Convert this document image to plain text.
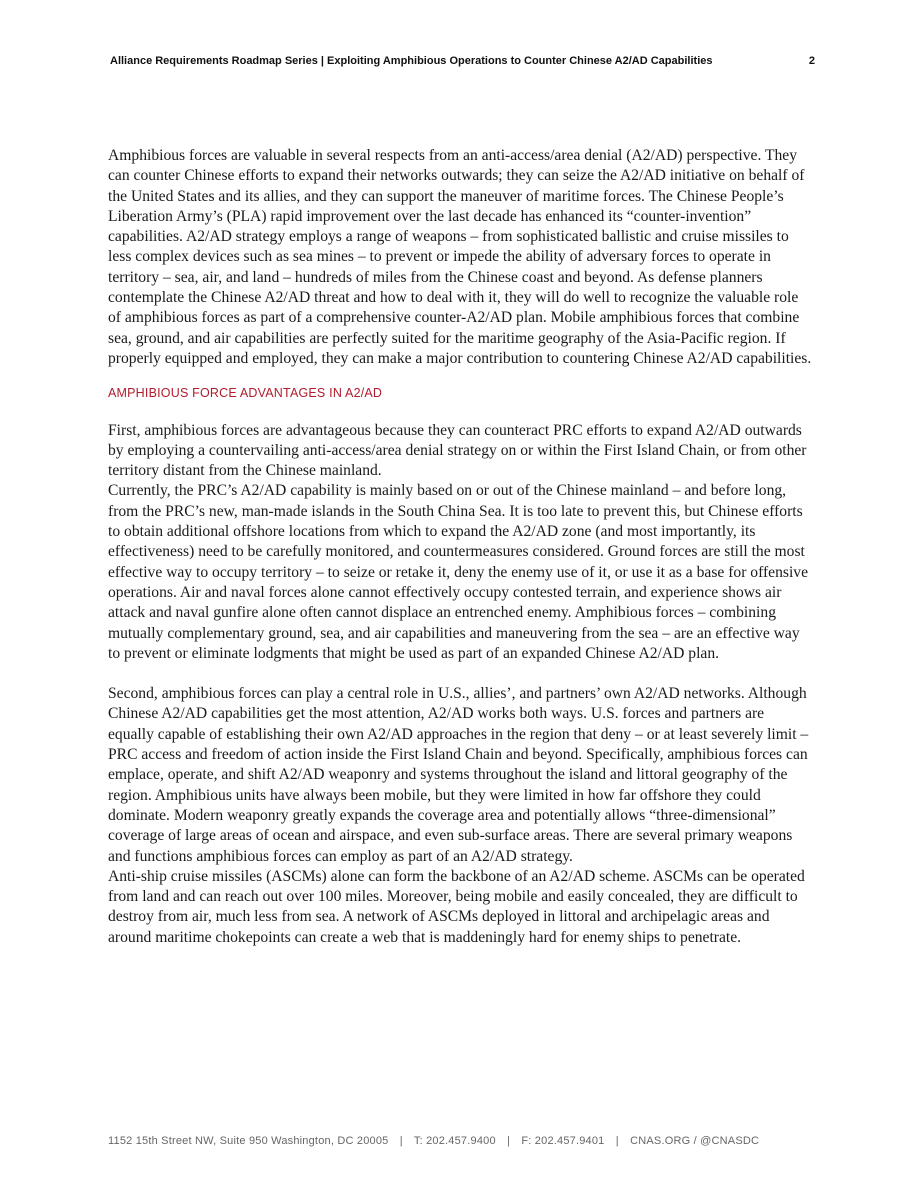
Alliance Requirements Roadmap Series | Exploiting Amphibious Operations to Counter Chinese A2/AD Capabilities	2

Amphibious forces are valuable in several respects from an anti-access/area denial (A2/AD) perspective. They can counter Chinese efforts to expand their networks outwards; they can seize the A2/AD initiative on behalf of the United States and its allies, and they can support the maneuver of maritime forces. The Chinese People’s Liberation Army’s (PLA) rapid improvement over the last decade has enhanced its “counter-invention” capabilities. A2/AD strategy employs a range of weapons – from sophisticated ballistic and cruise missiles to less complex devices such as sea mines – to prevent or impede the ability of adversary forces to operate in territory – sea, air, and land – hundreds of miles from the Chinese coast and beyond. As defense planners contemplate the Chinese A2/AD threat and how to deal with it, they will do well to recognize the valuable role of amphibious forces as part of a comprehensive counter-A2/AD plan. Mobile amphibious forces that combine sea, ground, and air capabilities are perfectly suited for the maritime geography of the Asia-Pacific region. If properly equipped and employed, they can make a major contribution to countering Chinese A2/AD capabilities.

AMPHIBIOUS FORCE ADVANTAGES IN A2/AD

First, amphibious forces are advantageous because they can counteract PRC efforts to expand A2/AD outwards by employing a countervailing anti-access/area denial strategy on or within the First Island Chain, or from other territory distant from the Chinese mainland.

Currently, the PRC’s A2/AD capability is mainly based on or out of the Chinese mainland – and before long, from the PRC’s new, man-made islands in the South China Sea. It is too late to prevent this, but Chinese efforts to obtain additional offshore locations from which to expand the A2/AD zone (and most importantly, its effectiveness) need to be carefully monitored, and countermeasures considered. Ground forces are still the most effective way to occupy territory – to seize or retake it, deny the enemy use of it, or use it as a base for offensive operations. Air and naval forces alone cannot effectively occupy contested terrain, and experience shows air attack and naval gunfire alone often cannot displace an entrenched enemy. Amphibious forces – combining mutually complementary ground, sea, and air capabilities and maneuvering from the sea – are an effective way to prevent or eliminate lodgments that might be used as part of an expanded Chinese A2/AD plan.

Second, amphibious forces can play a central role in U.S., allies’, and partners’ own A2/AD networks. Although Chinese A2/AD capabilities get the most attention, A2/AD works both ways. U.S. forces and partners are equally capable of establishing their own A2/AD approaches in the region that deny – or at least severely limit – PRC access and freedom of action inside the First Island Chain and beyond. Specifically, amphibious forces can emplace, operate, and shift A2/AD weaponry and systems throughout the island and littoral geography of the region. Amphibious units have always been mobile, but they were limited in how far offshore they could dominate. Modern weaponry greatly expands the coverage area and potentially allows “three-dimensional” coverage of large areas of ocean and airspace, and even sub-surface areas. There are several primary weapons and functions amphibious forces can employ as part of an A2/AD strategy.

Anti-ship cruise missiles (ASCMs) alone can form the backbone of an A2/AD scheme. ASCMs can be operated from land and can reach out over 100 miles. Moreover, being mobile and easily concealed, they are difficult to destroy from air, much less from sea. A network of ASCMs deployed in littoral and archipelagic areas and around maritime chokepoints can create a web that is maddeningly hard for enemy ships to penetrate.

1152 15th Street NW, Suite 950 Washington, DC 20005 | T: 202.457.9400 | F: 202.457.9401 | CNAS.ORG / @CNASDC
